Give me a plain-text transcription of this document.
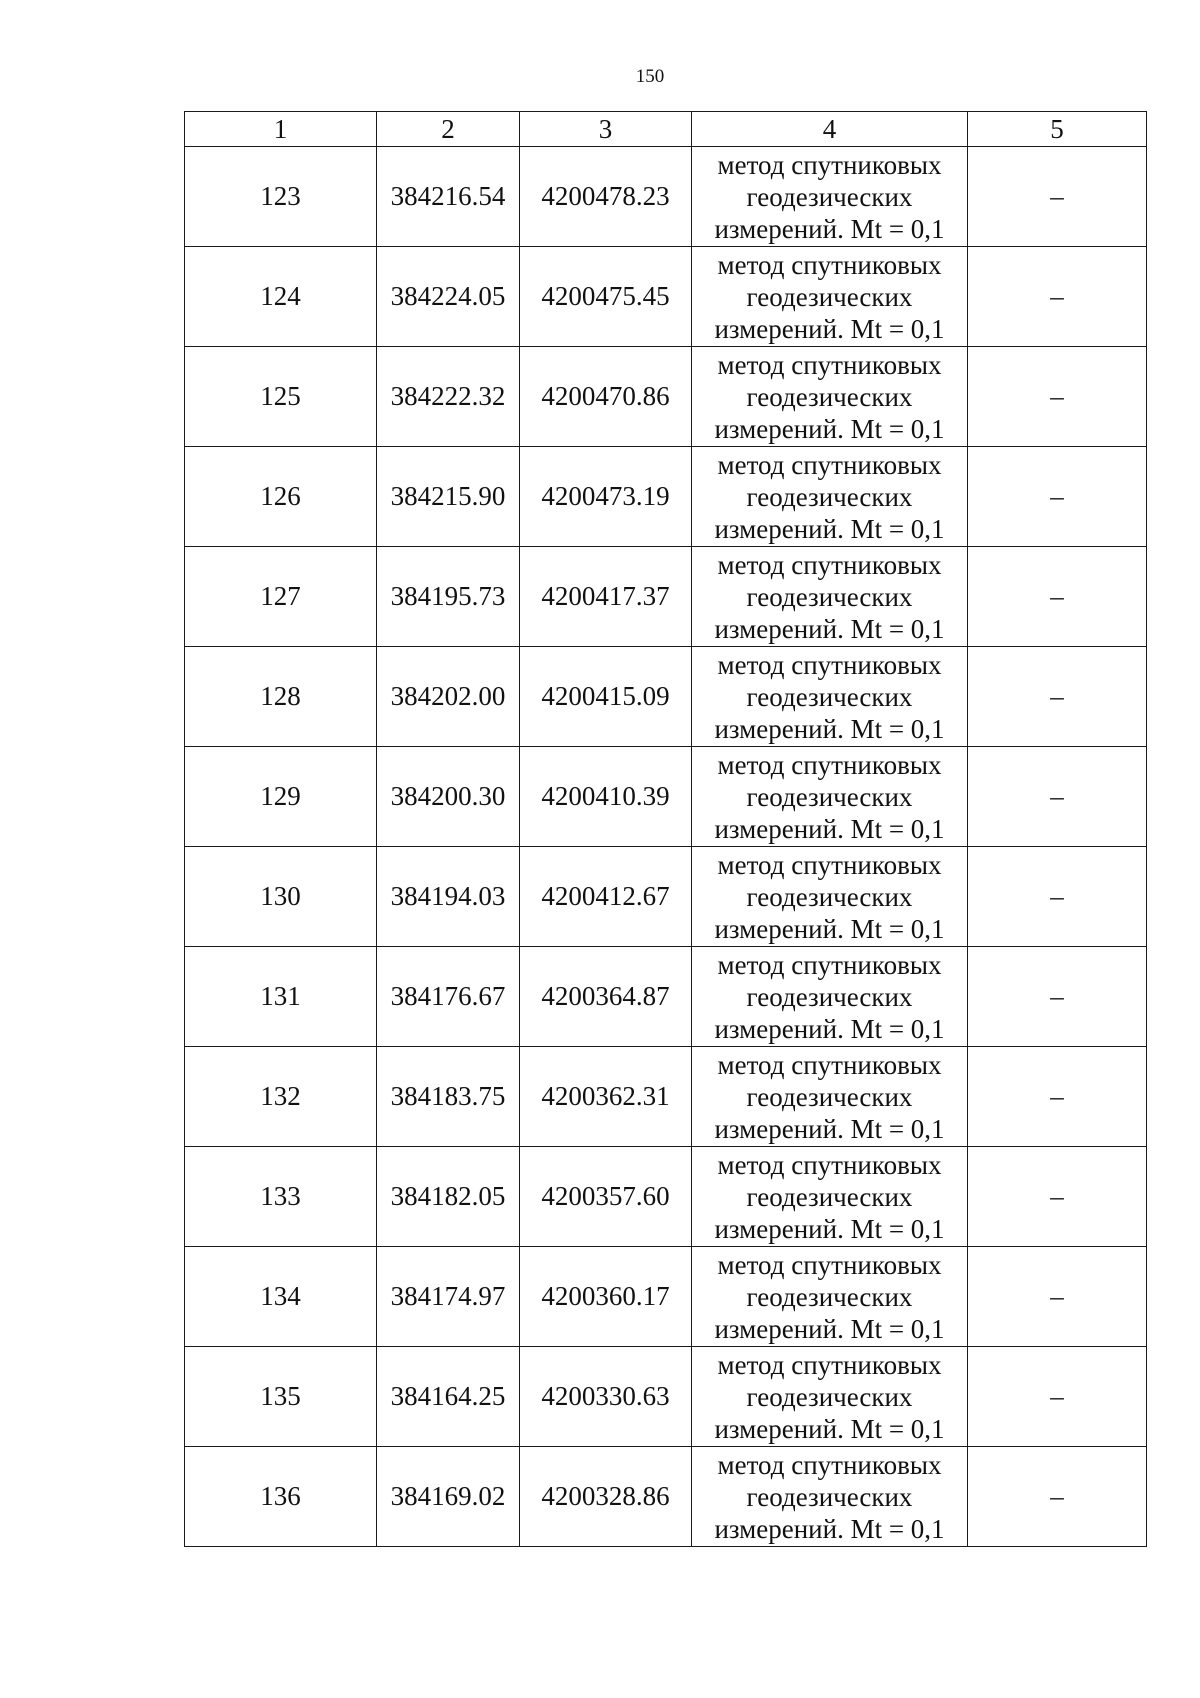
150
1	2	3	4	5
123	384216.54	4200478.23	метод спутниковых
геодезических
измерений. Mt = 0,1	–
124	384224.05	4200475.45	метод спутниковых
геодезических
измерений. Mt = 0,1	–
125	384222.32	4200470.86	метод спутниковых
геодезических
измерений. Mt = 0,1	–
126	384215.90	4200473.19	метод спутниковых
геодезических
измерений. Mt = 0,1	–
127	384195.73	4200417.37	метод спутниковых
геодезических
измерений. Mt = 0,1	–
128	384202.00	4200415.09	метод спутниковых
геодезических
измерений. Mt = 0,1	–
129	384200.30	4200410.39	метод спутниковых
геодезических
измерений. Mt = 0,1	–
130	384194.03	4200412.67	метод спутниковых
геодезических
измерений. Mt = 0,1	–
131	384176.67	4200364.87	метод спутниковых
геодезических
измерений. Mt = 0,1	–
132	384183.75	4200362.31	метод спутниковых
геодезических
измерений. Mt = 0,1	–
133	384182.05	4200357.60	метод спутниковых
геодезических
измерений. Mt = 0,1	–
134	384174.97	4200360.17	метод спутниковых
геодезических
измерений. Mt = 0,1	–
135	384164.25	4200330.63	метод спутниковых
геодезических
измерений. Mt = 0,1	–
136	384169.02	4200328.86	метод спутниковых
геодезических
измерений. Mt = 0,1	–
